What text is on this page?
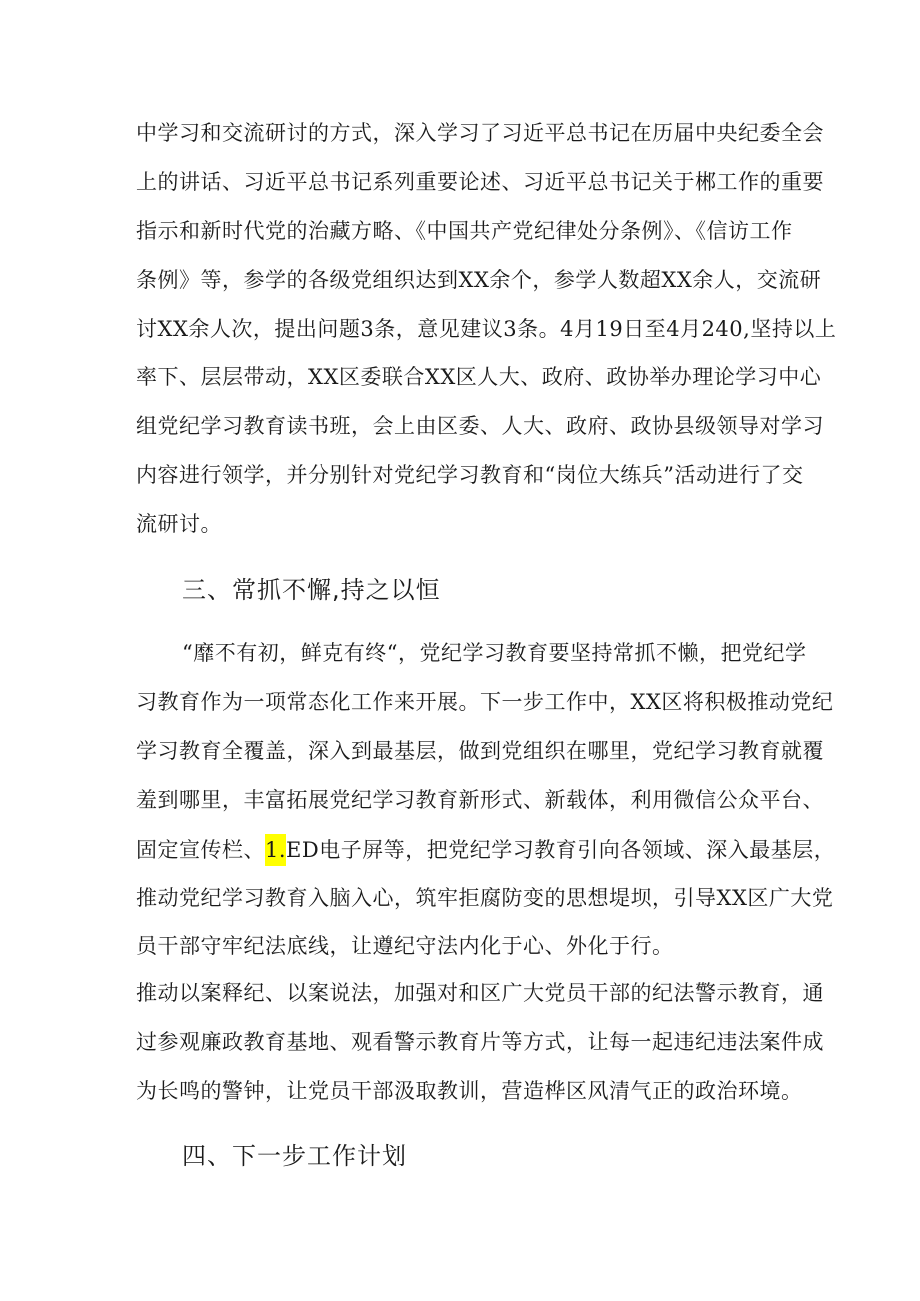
中学习和交流研讨的方式，深入学习了习近平总书记在历届中央纪委全会
上的讲话、习近平总书记系列重要论述、习近平总书记关于郴工作的重要
指示和新时代党的治藏方略、《中国共产党纪律处分条例》、《信访工作
条例》等，参学的各级党组织达到XX余个，参学人数超XX余人，交流研
讨XX余人次，提出问题3条，意见建议3条。4月19日至4月240,坚持以上
率下、层层带动，XX区委联合XX区人大、政府、政协举办理论学习中心
组党纪学习教育读书班，会上由区委、人大、政府、政协县级领导对学习
内容进行领学，并分别针对党纪学习教育和“岗位大练兵”活动进行了交
流研讨。
三、常抓不懈,持之以恒
“靡不有初，鲜克有终“，党纪学习教育要坚持常抓不懒，把党纪学
习教育作为一项常态化工作来开展。下一步工作中，XX区将积极推动党纪
学习教育全覆盖，深入到最基层，做到党组织在哪里，党纪学习教育就覆
羞到哪里，丰富拓展党纪学习教育新形式、新载体，利用微信公众平台、
固定宣传栏、1.ED电子屏等，把党纪学习教育引向各领域、深入最基层，
推动党纪学习教育入脑入心，筑牢拒腐防变的思想堤坝，引导XX区广大党
员干部守牢纪法底线，让遵纪守法内化于心、外化于行。
推动以案释纪、以案说法，加强对和区广大党员干部的纪法警示教育，通
过参观廉政教育基地、观看警示教育片等方式，让每一起违纪违法案件成
为长鸣的警钟，让党员干部汲取教训，营造桦区风清气正的政治环境。
四、下一步工作计划
